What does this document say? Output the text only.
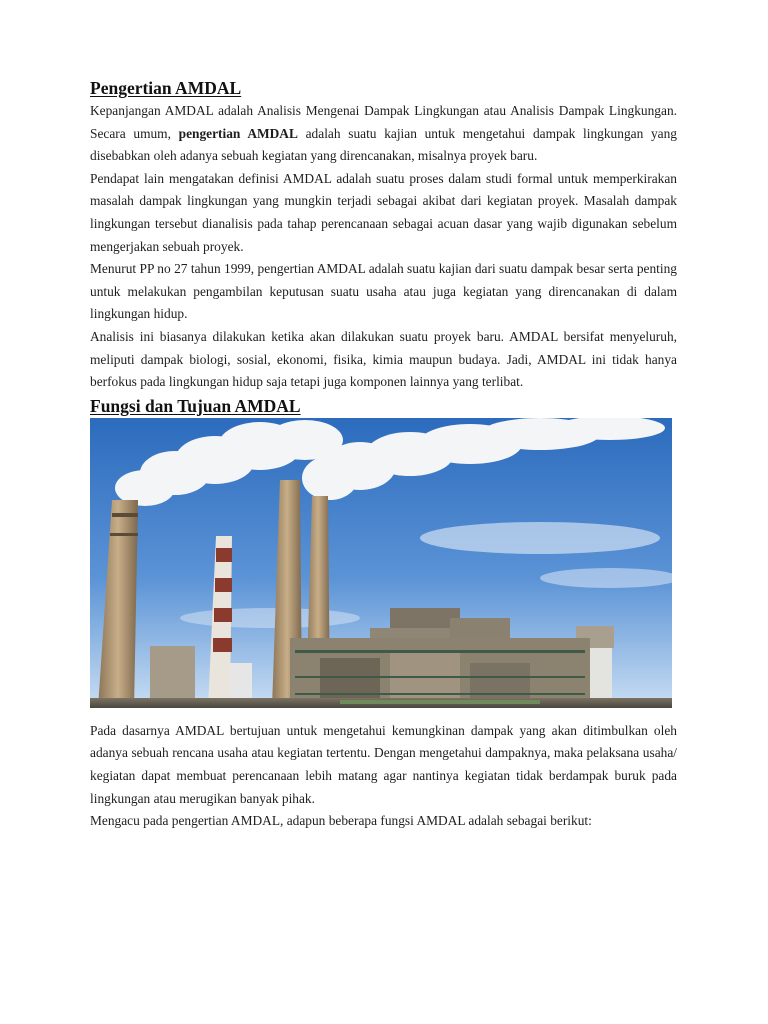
Pengertian AMDAL

Kepanjangan AMDAL adalah Analisis Mengenai Dampak Lingkungan atau Analisis Dampak Lingkungan. Secara umum, pengertian AMDAL adalah suatu kajian untuk mengetahui dampak lingkungan yang disebabkan oleh adanya sebuah kegiatan yang direncanakan, misalnya proyek baru.

Pendapat lain mengatakan definisi AMDAL adalah suatu proses dalam studi formal untuk memperkirakan masalah dampak lingkungan yang mungkin terjadi sebagai akibat dari kegiatan proyek. Masalah dampak lingkungan tersebut dianalisis pada tahap perencanaan sebagai acuan dasar yang wajib digunakan sebelum mengerjakan sebuah proyek.

Menurut PP no 27 tahun 1999, pengertian AMDAL adalah suatu kajian dari suatu dampak besar serta penting untuk melakukan pengambilan keputusan suatu usaha atau juga kegiatan yang direncanakan di dalam lingkungan hidup.

Analisis ini biasanya dilakukan ketika akan dilakukan suatu proyek baru. AMDAL bersifat menyeluruh, meliputi dampak biologi, sosial, ekonomi, fisika, kimia maupun budaya. Jadi, AMDAL ini tidak hanya berfokus pada lingkungan hidup saja tetapi juga komponen lainnya yang terlibat.

Fungsi dan Tujuan AMDAL

Pada dasarnya AMDAL bertujuan untuk mengetahui kemungkinan dampak yang akan ditimbulkan oleh adanya sebuah rencana usaha atau kegiatan tertentu. Dengan mengetahui dampaknya, maka pelaksana usaha/ kegiatan dapat membuat perencanaan lebih matang agar nantinya kegiatan tidak berdampak buruk pada lingkungan atau merugikan banyak pihak.

Mengacu pada pengertian AMDAL, adapun beberapa fungsi AMDAL adalah sebagai berikut:
